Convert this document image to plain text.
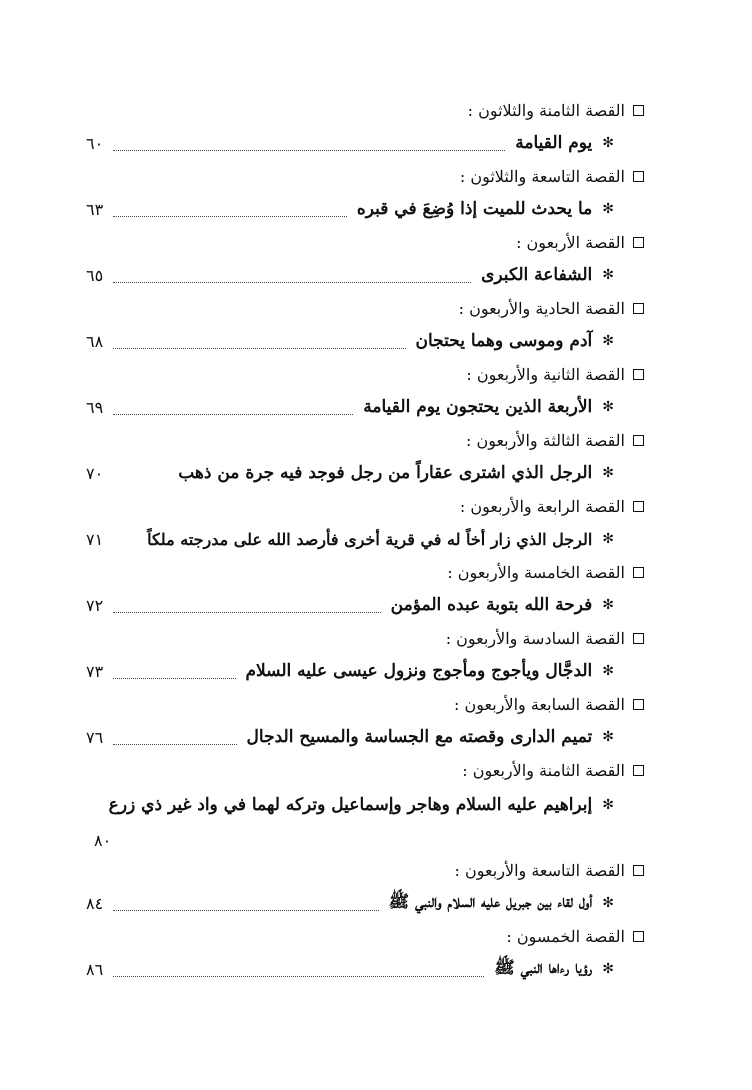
القصة الثامنة والثلاثون :
✻
يوم القيامة
٦٠
القصة التاسعة والثلاثون :
✻
ما يحدث للميت إذا وُضِعَ في قبره
٦٣
القصة الأربعون :
✻
الشفاعة الكبرى
٦٥
القصة الحادية والأربعون :
✻
آدم وموسى وهما يحتجان
٦٨
القصة الثانية والأربعون :
✻
الأربعة الذين يحتجون يوم القيامة
٦٩
القصة الثالثة والأربعون :
✻
الرجل الذي اشترى عقاراً من رجل فوجد فيه جرة من ذهب
٧٠
القصة الرابعة والأربعون :
✻
الرجل الذي زار أخاً له في قرية أخرى فأرصد الله على مدرجته ملكاً
٧١
القصة الخامسة والأربعون :
✻
فرحة الله بتوبة عبده المؤمن
٧٢
القصة السادسة والأربعون :
✻
الدجَّال ويأجوج ومأجوج ونزول عيسى عليه السلام
٧٣
القصة السابعة والأربعون :
✻
تميم الدارى وقصته مع الجساسة والمسيح الدجال
٧٦
القصة الثامنة والأربعون :
✻
إبراهيم عليه السلام وهاجر وإسماعيل وتركه لهما في واد غير ذي زرع
٨٠
القصة التاسعة والأربعون :
✻
أول لقاء بين جبريل عليه السلام والنبي ﷺ
٨٤
القصة الخمسون :
✻
رؤيا رءاها النبي ﷺ
٨٦
